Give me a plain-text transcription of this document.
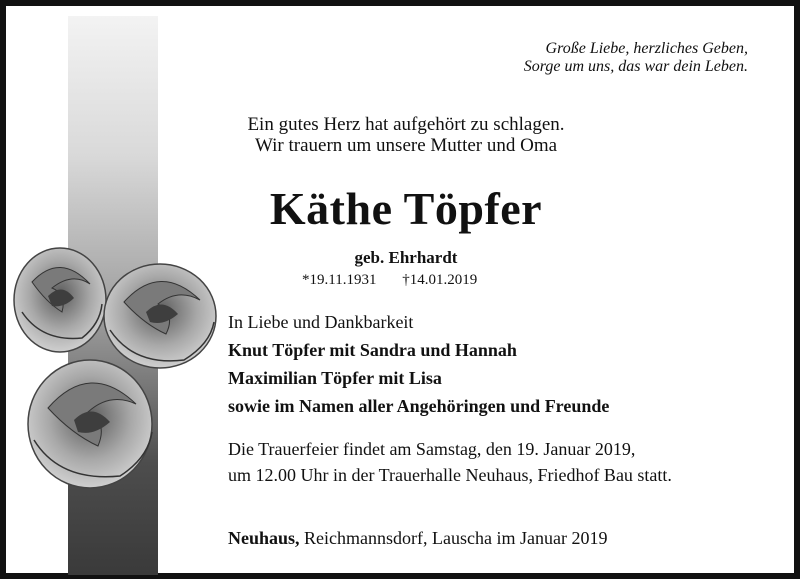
Große Liebe, herzliches Geben,
Sorge um uns, das war dein Leben.
Ein gutes Herz hat aufgehört zu schlagen.
Wir trauern um unsere Mutter und Oma
Käthe Töpfer
geb. Ehrhardt
*19.11.1931 †14.01.2019
In Liebe und Dankbarkeit
Knut Töpfer mit Sandra und Hannah
Maximilian Töpfer mit Lisa
sowie im Namen aller Angehöringen und Freunde
Die Trauerfeier findet am Samstag, den 19. Januar 2019,
um 12.00 Uhr in der Trauerhalle Neuhaus, Friedhof Bau statt.
Neuhaus, Reichmannsdorf, Lauscha im Januar 2019
